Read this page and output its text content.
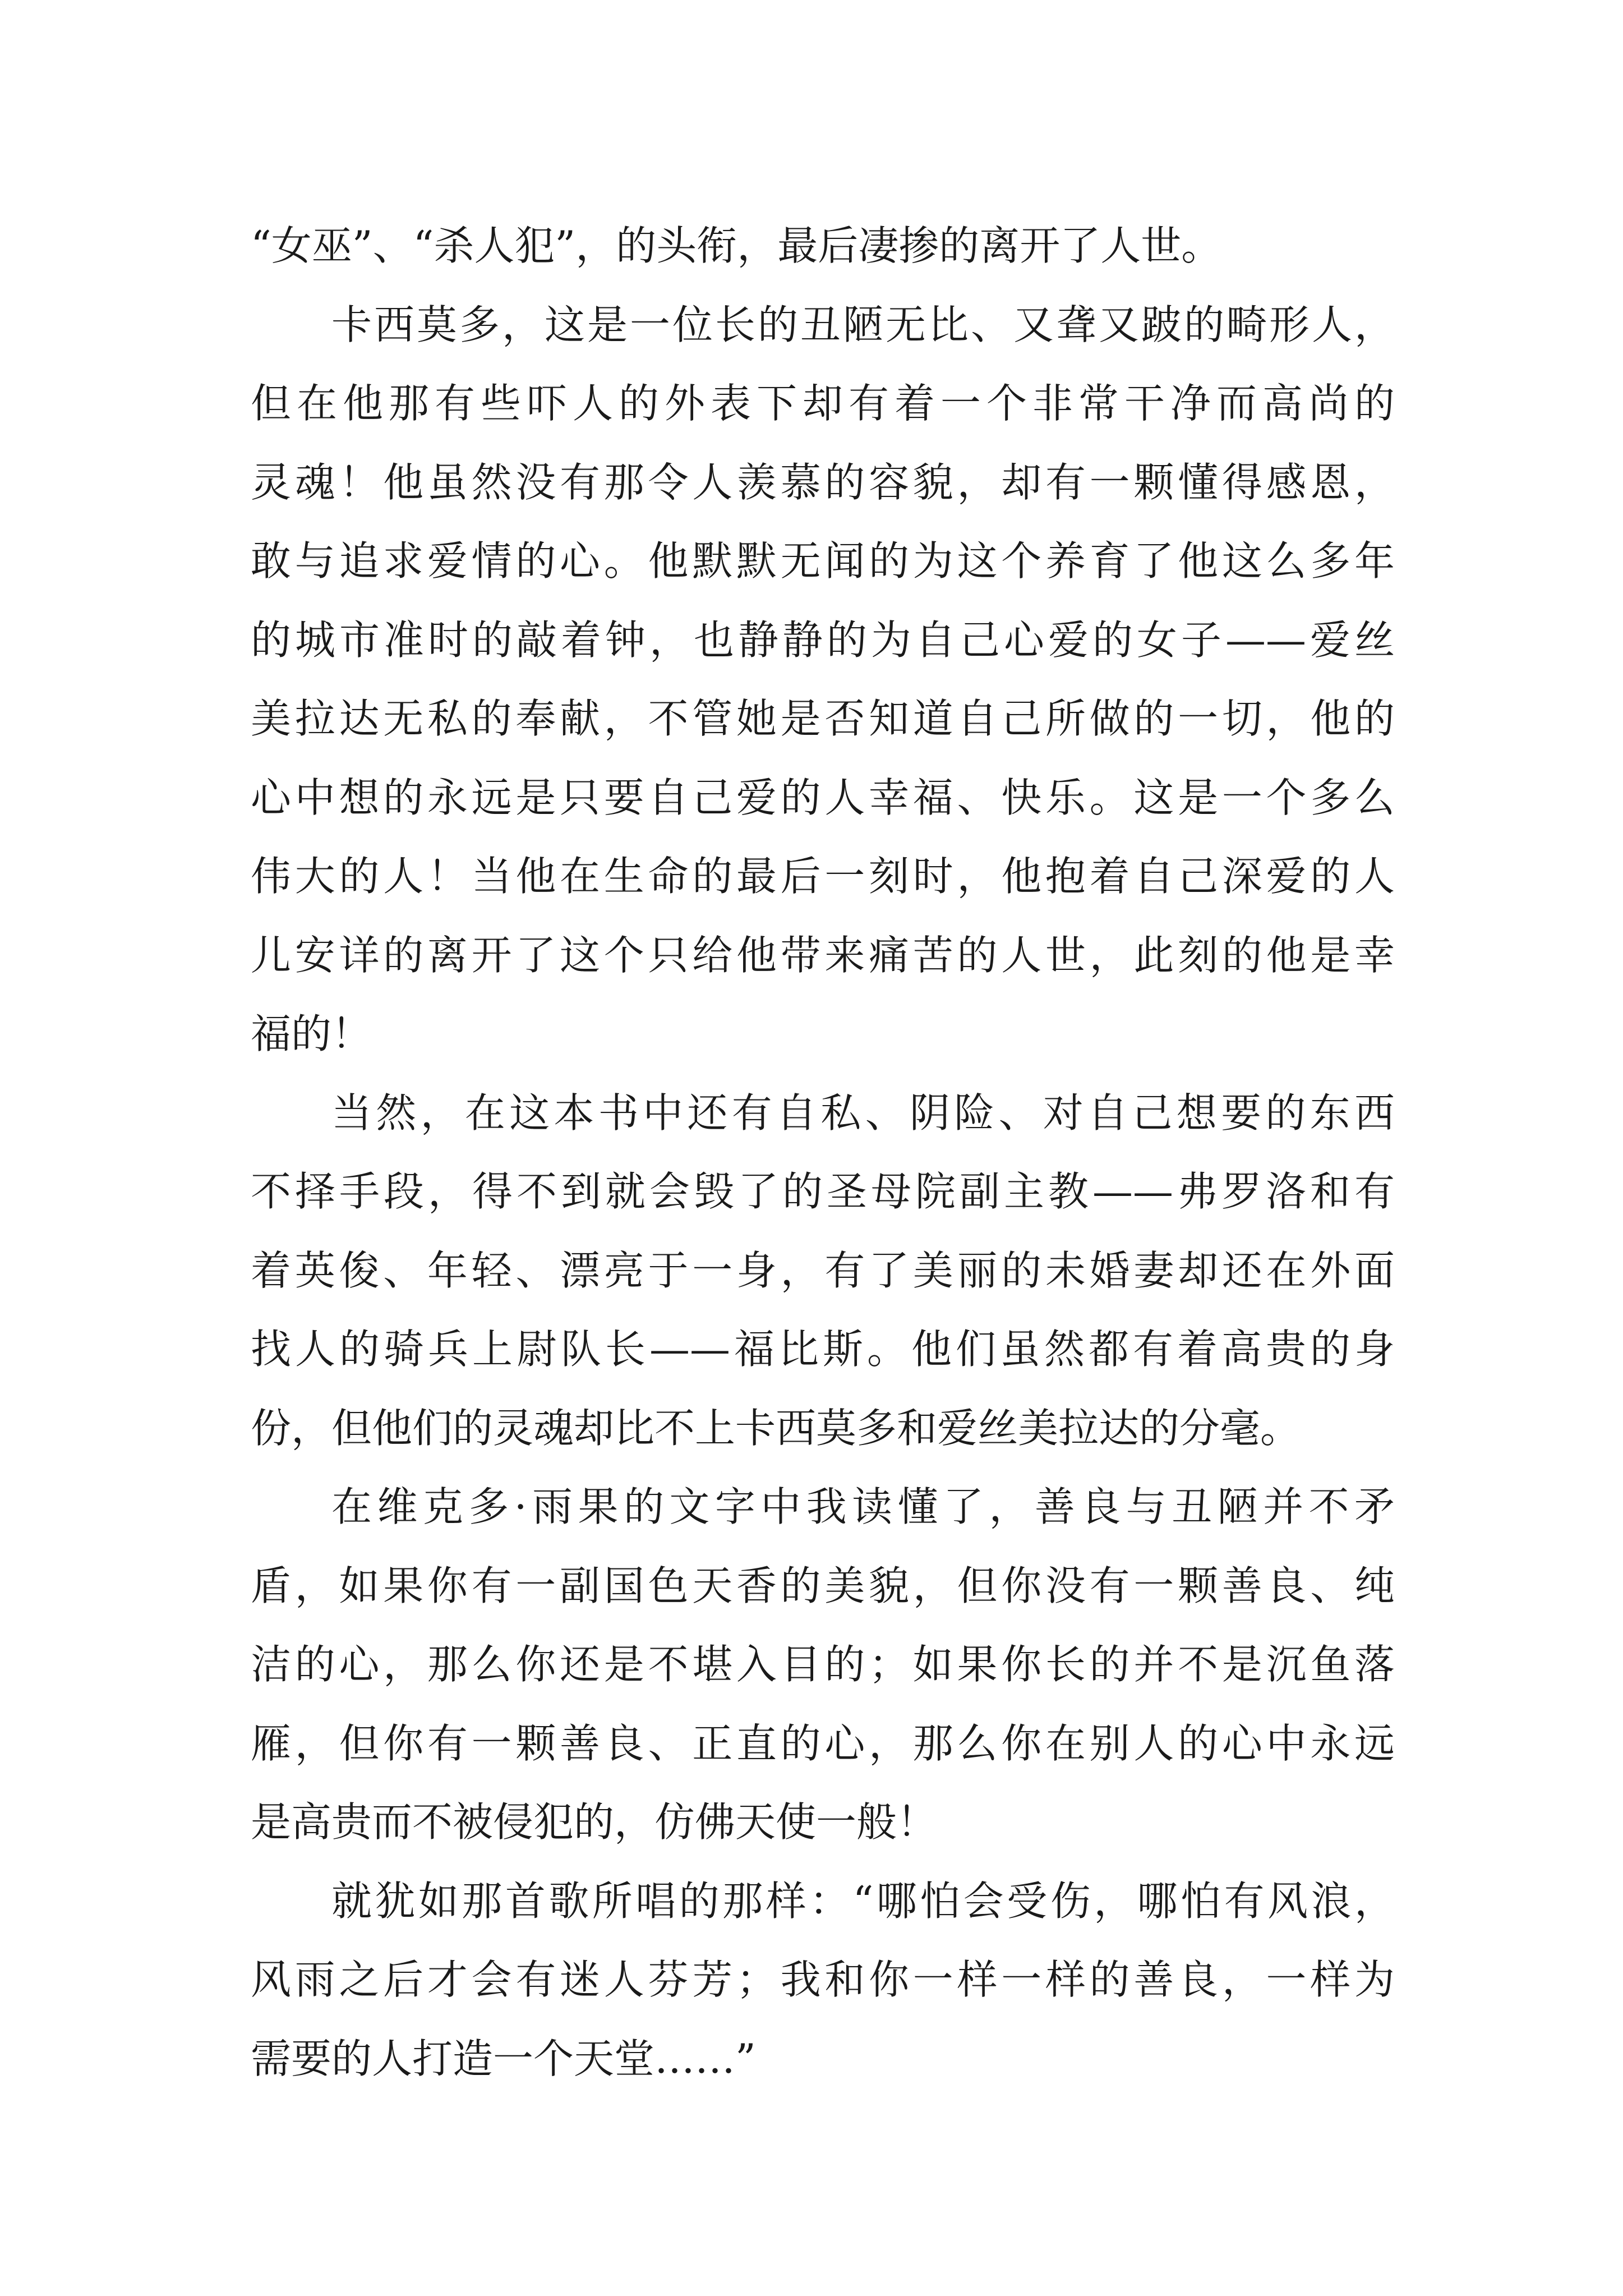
“女巫”、“杀人犯”，的头衔，最后凄掺的离开了人世。
卡西莫多，这是一位长的丑陋无比、又聋又跛的畸形人，
但在他那有些吓人的外表下却有着一个非常干净而高尚的
灵魂！他虽然没有那令人羡慕的容貌，却有一颗懂得感恩，
敢与追求爱情的心。他默默无闻的为这个养育了他这么多年
的城市准时的敲着钟，也静静的为自己心爱的女子——爱丝
美拉达无私的奉献，不管她是否知道自己所做的一切，他的
心中想的永远是只要自己爱的人幸福、快乐。这是一个多么
伟大的人！当他在生命的最后一刻时，他抱着自己深爱的人
儿安详的离开了这个只给他带来痛苦的人世，此刻的他是幸
福的！
当然，在这本书中还有自私、阴险、对自己想要的东西
不择手段，得不到就会毁了的圣母院副主教——弗罗洛和有
着英俊、年轻、漂亮于一身，有了美丽的未婚妻却还在外面
找人的骑兵上尉队长——福比斯。他们虽然都有着高贵的身
份，但他们的灵魂却比不上卡西莫多和爱丝美拉达的分毫。
在维克多·雨果的文字中我读懂了，善良与丑陋并不矛
盾，如果你有一副国色天香的美貌，但你没有一颗善良、纯
洁的心，那么你还是不堪入目的；如果你长的并不是沉鱼落
雁，但你有一颗善良、正直的心，那么你在别人的心中永远
是高贵而不被侵犯的，仿佛天使一般！
就犹如那首歌所唱的那样：“哪怕会受伤，哪怕有风浪，
风雨之后才会有迷人芬芳；我和你一样一样的善良，一样为
需要的人打造一个天堂……”
